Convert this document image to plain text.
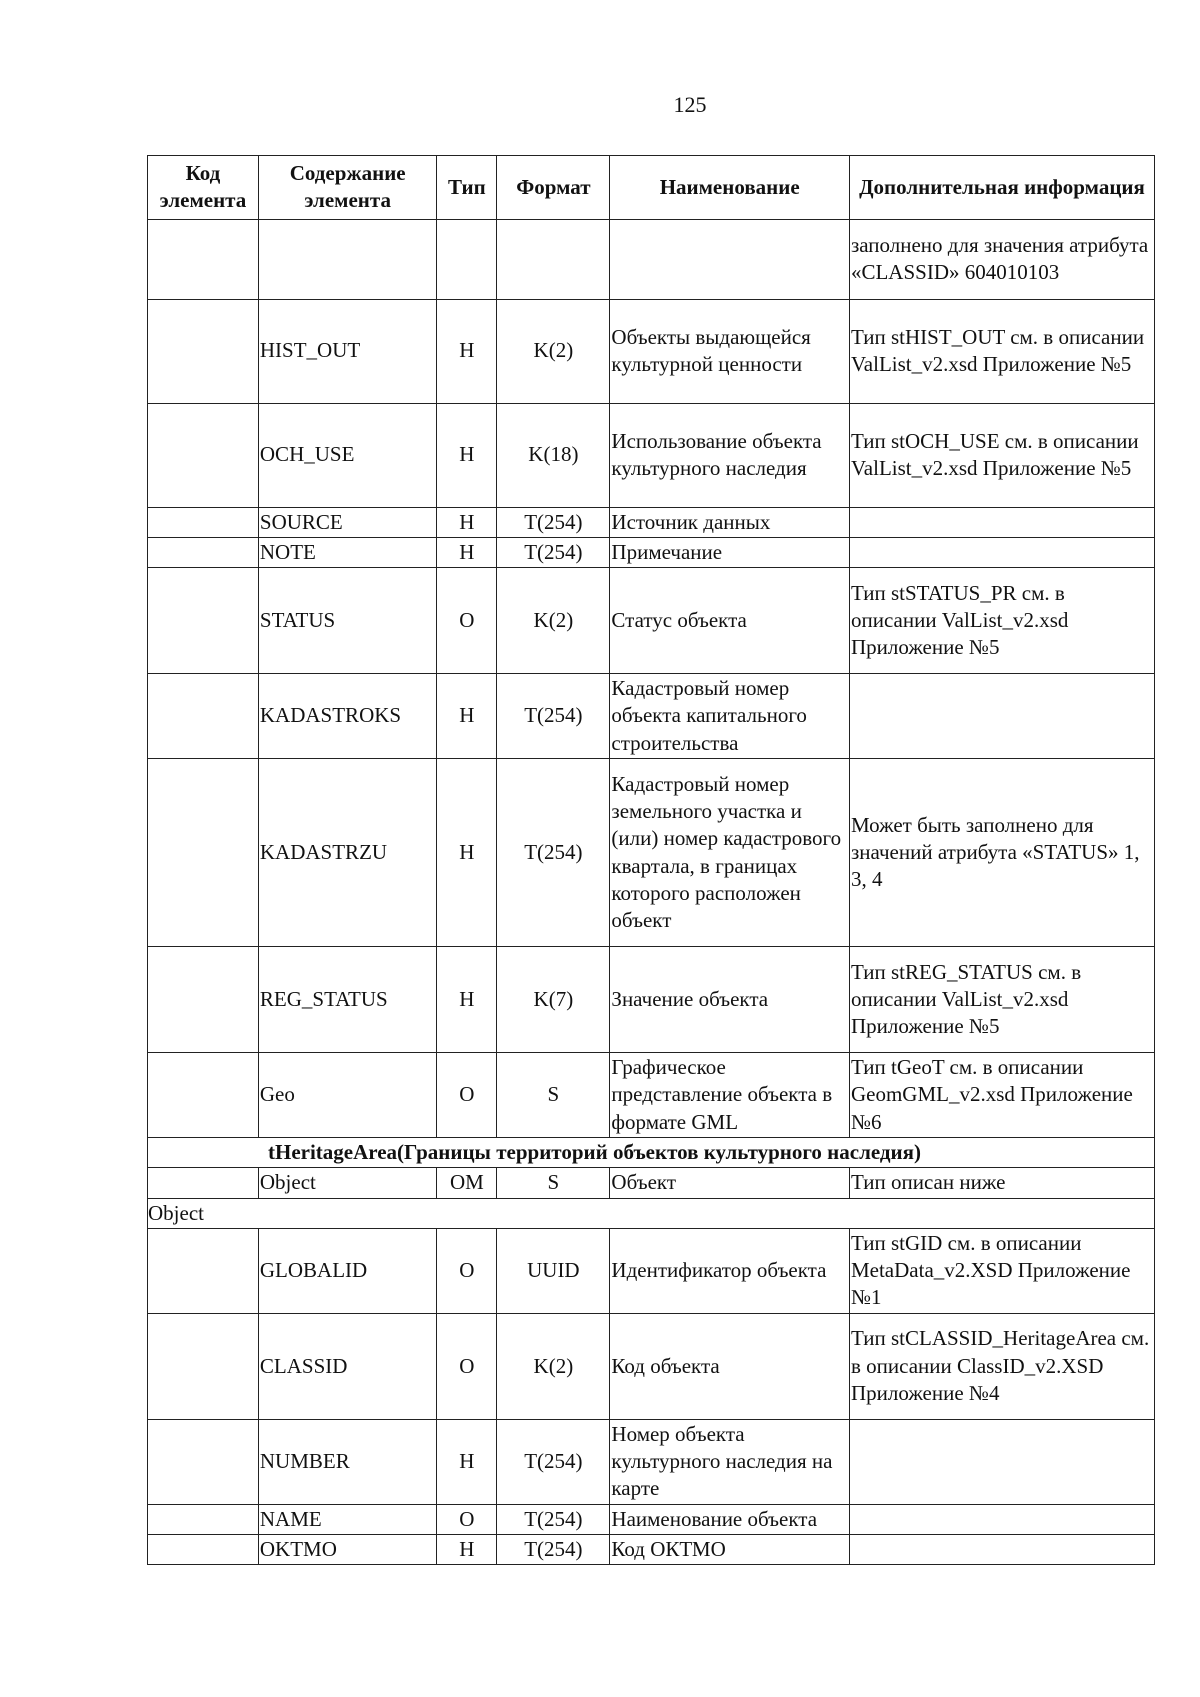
125
Код элемента	Содержание элемента	Тип	Формат	Наименование	Дополнительная информация
					заполнено для значения атрибута «CLASSID» 604010103
	HIST_OUT	Н	K(2)	Объекты выдающейся культурной ценности	Тип stHIST_OUT см. в описании ValList_v2.xsd Приложение №5
	OCH_USE	Н	K(18)	Использование объекта культурного наследия	Тип stOCH_USE см. в описании ValList_v2.xsd Приложение №5
	SOURCE	Н	T(254)	Источник данных	
	NOTE	Н	T(254)	Примечание	
	STATUS	О	K(2)	Статус объекта	Тип stSTATUS_PR см. в описании ValList_v2.xsd Приложение №5
	KADASTROKS	Н	T(254)	Кадастровый номер объекта капитального строительства	
	KADASTRZU	Н	T(254)	Кадастровый номер земельного участка и (или) номер кадастрового квартала, в границах которого расположен объект	Может быть заполнено для значений атрибута «STATUS» 1, 3, 4
	REG_STATUS	Н	K(7)	Значение объекта	Тип stREG_STATUS см. в описании ValList_v2.xsd Приложение №5
	Geo	О	S	Графическое представление объекта в формате GML	Тип tGeoT см. в описании GeomGML_v2.xsd Приложение №6
tHeritageArea(Границы территорий объектов культурного наследия)					
	Object	ОМ	S	Объект	Тип описан ниже
Object					
	GLOBALID	О	UUID	Идентификатор объекта	Тип stGID см. в описании MetaData_v2.XSD Приложение №1
	CLASSID	О	K(2)	Код объекта	Тип stCLASSID_HeritageArea см. в описании ClassID_v2.XSD Приложение №4
	NUMBER	Н	T(254)	Номер объекта культурного наследия на карте	
	NAME	О	T(254)	Наименование объекта	
	OKTMO	Н	T(254)	Код ОКТМО	
